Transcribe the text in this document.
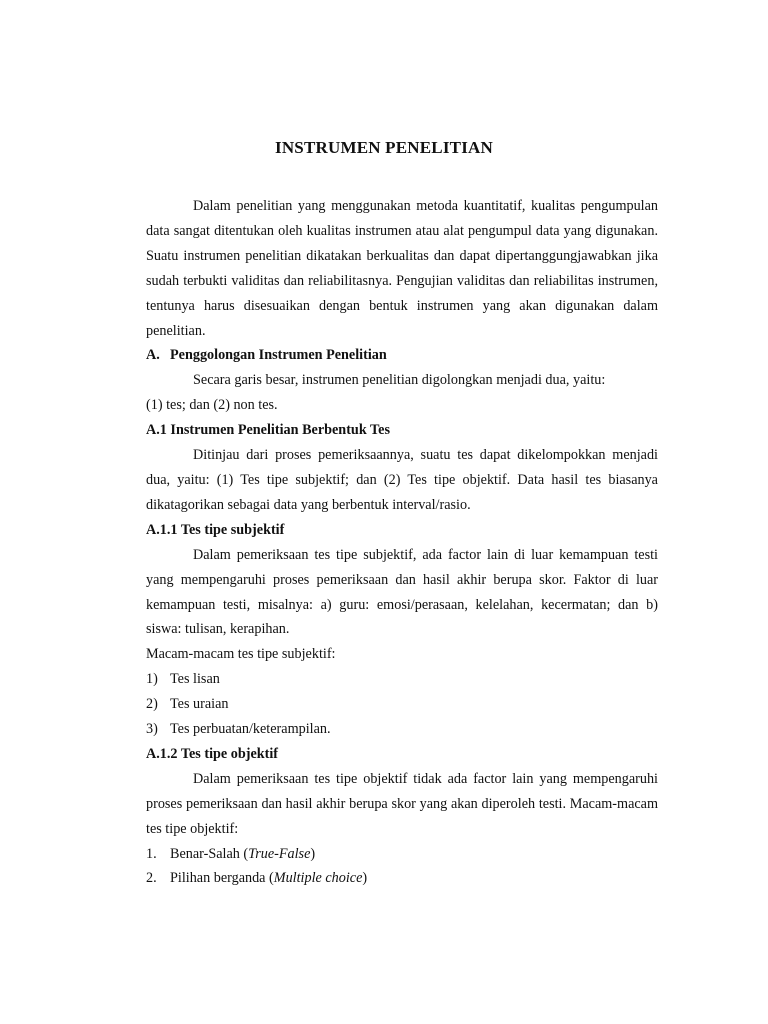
INSTRUMEN PENELITIAN

Dalam penelitian yang menggunakan metoda kuantitatif, kualitas pengumpulan data sangat ditentukan oleh kualitas instrumen atau alat pengumpul data yang digunakan. Suatu instrumen penelitian dikatakan berkualitas dan dapat dipertanggungjawabkan jika sudah terbukti validitas dan reliabilitasnya. Pengujian validitas dan reliabilitas instrumen, tentunya harus disesuaikan dengan bentuk instrumen yang akan digunakan dalam penelitian.

A. Penggolongan Instrumen Penelitian

Secara garis besar, instrumen penelitian digolongkan menjadi dua, yaitu:

(1) tes; dan (2) non tes.

A.1 Instrumen Penelitian Berbentuk Tes

Ditinjau dari proses pemeriksaannya, suatu tes dapat dikelompokkan menjadi dua, yaitu: (1) Tes tipe subjektif; dan (2) Tes tipe objektif. Data hasil tes biasanya dikatagorikan sebagai data yang berbentuk interval/rasio.

A.1.1 Tes tipe subjektif

Dalam pemeriksaan tes tipe subjektif, ada factor lain di luar kemampuan testi yang mempengaruhi proses pemeriksaan dan hasil akhir berupa skor. Faktor di luar kemampuan testi, misalnya: a) guru: emosi/perasaan, kelelahan, kecermatan; dan b) siswa: tulisan, kerapihan.

Macam-macam tes tipe subjektif:

1) Tes lisan
2) Tes uraian
3) Tes perbuatan/keterampilan.

A.1.2 Tes tipe objektif

Dalam pemeriksaan tes tipe objektif tidak ada factor lain yang mempengaruhi proses pemeriksaan dan hasil akhir berupa skor yang akan diperoleh testi. Macam-macam tes tipe objektif:

1. Benar-Salah (True-False)
2. Pilihan berganda (Multiple choice)
